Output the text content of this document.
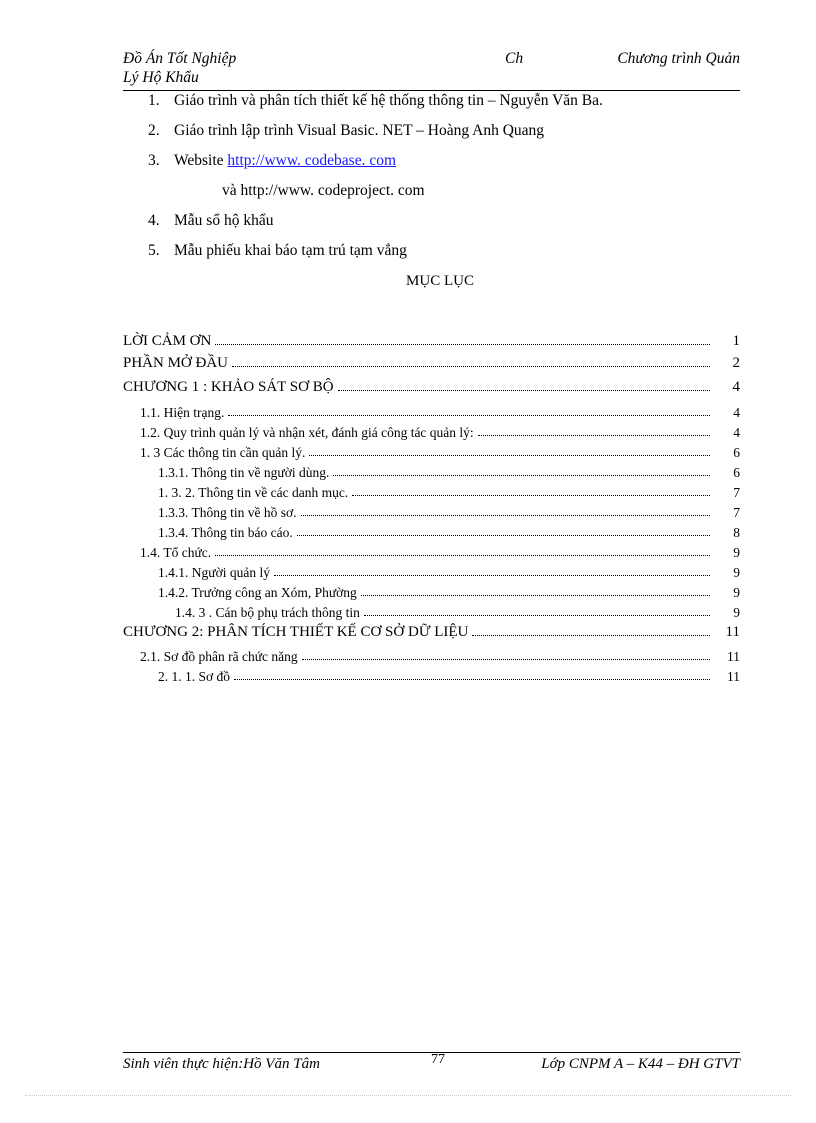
Đồ Án Tốt Nghiệp	Ch	Chương trình Quản
Lý Hộ Khẩu
1. Giáo trình và phân tích thiết kế hệ thống thông tin – Nguyễn Văn Ba.
2. Giáo trình lập trình Visual Basic. NET – Hoàng Anh Quang
3. Website http://www. codebase. com
và http://www. codeproject. com
4. Mẫu sổ hộ khẩu
5. Mẫu phiếu khai báo tạm trú tạm vắng
MỤC LỤC
LỜI CẢM ƠN	1
PHẦN MỞ ĐẦU	2
CHƯƠNG 1 : KHẢO SÁT SƠ BỘ	4
1.1. Hiện trạng.	4
1.2. Quy trình quản lý và nhận xét, đánh giá công tác quản lý:	4
1. 3 Các thông tin cần quản lý.	6
1.3.1. Thông tin về người dùng.	6
1. 3. 2. Thông tin về các danh mục.	7
1.3.3. Thông tin về hồ sơ.	7
1.3.4. Thông tin báo cáo.	8
1.4. Tổ chức.	9
1.4.1. Người quản lý	9
1.4.2. Trưởng công an Xóm, Phường	9
1.4. 3 . Cán bộ phụ trách thông tin	9
CHƯƠNG 2: PHÂN TÍCH THIẾT KẾ CƠ SỞ DỮ LIỆU	11
2.1. Sơ đồ phân rã chức năng	11
2. 1. 1. Sơ đồ	11
Sinh viên thực hiện:Hồ Văn Tâm	77	Lớp CNPM A – K44 – ĐH GTVT
